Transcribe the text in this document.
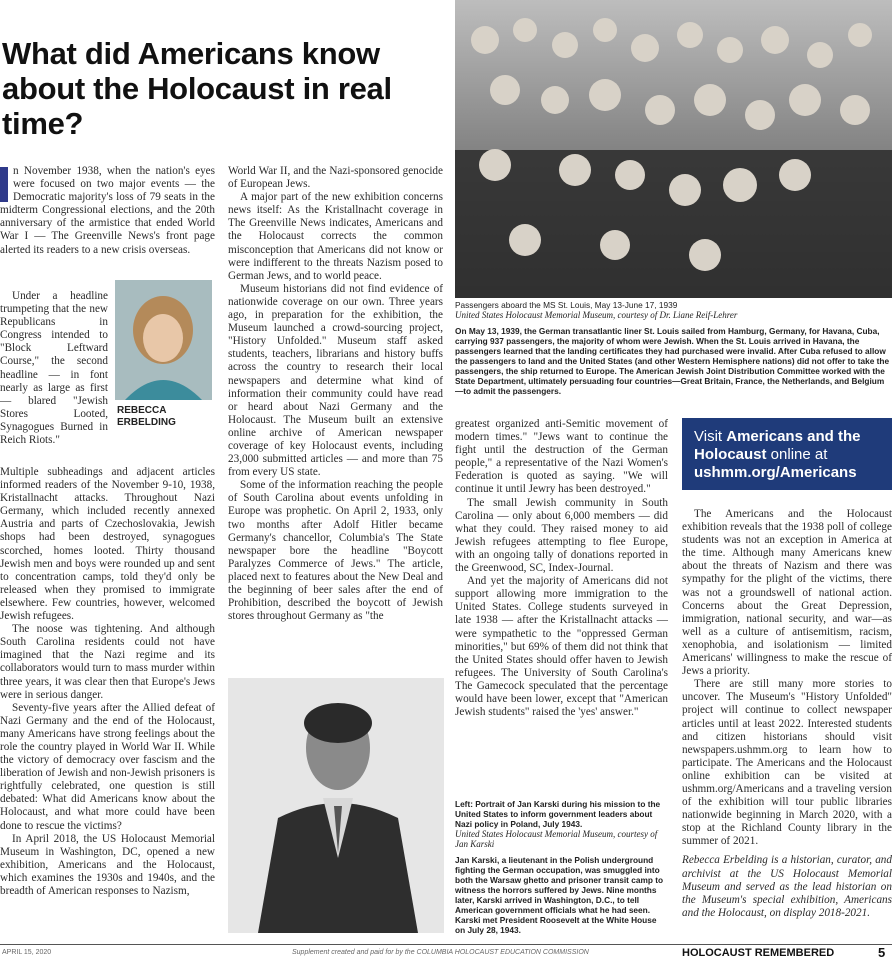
What did Americans know about the Holocaust in real time?
Passengers aboard the MS St. Louis, May 13-June 17, 1939
United States Holocaust Memorial Museum, courtesy of Dr. Liane Reif-Lehrer
On May 13, 1939, the German transatlantic liner St. Louis sailed from Hamburg, Germany, for Havana, Cuba, carrying 937 passengers, the majority of whom were Jewish. When the St. Louis arrived in Havana, the passengers learned that the landing certificates they had purchased were invalid. After Cuba refused to allow the passengers to land and the United States (and other Western Hemisphere nations) did not offer to take the passengers, the ship returned to Europe. The American Jewish Joint Distribution Committee worked with the State Department, ultimately persuading four countries—Great Britain, France, the Netherlands, and Belgium—to admit the passengers.

n November 1938, when the nation's eyes were focused on two major events — the Democratic majority's loss of 79 seats in the midterm Congressional elections, and the 20th anniversary of the armistice that ended World War I — The Greenville News's front page alerted its readers to a new crisis overseas.

Under a headline trumpeting that the new Republicans in Congress intended to "Block Leftward Course," the second headline — in font nearly as large as first — blared "Jewish Stores Looted, Synagogues Burned in Reich Riots."

REBECCA ERBELDING

Multiple subheadings and adjacent articles informed readers of the November 9-10, 1938, Kristallnacht attacks. Throughout Nazi Germany, which included recently annexed Austria and parts of Czechoslovakia, Jewish shops had been destroyed, synagogues scorched, homes looted. Thirty thousand Jewish men and boys were rounded up and sent to concentration camps, told they'd only be released when they promised to immigrate elsewhere. Few countries, however, welcomed Jewish refugees.

The noose was tightening. And although South Carolina residents could not have imagined that the Nazi regime and its collaborators would turn to mass murder within three years, it was clear then that Europe's Jews were in serious danger.

Seventy-five years after the Allied defeat of Nazi Germany and the end of the Holocaust, many Americans have strong feelings about the role the country played in World War II. While the victory of democracy over fascism and the liberation of Jewish and non-Jewish prisoners is rightfully celebrated, one question is still debated: What did Americans know about the Holocaust, and what more could have been done to rescue the victims?

In April 2018, the US Holocaust Memorial Museum in Washington, DC, opened a new exhibition, Americans and the Holocaust, which examines the 1930s and 1940s, and the breadth of American responses to Nazism,

World War II, and the Nazi-sponsored genocide of European Jews.

A major part of the new exhibition concerns news itself: As the Kristallnacht coverage in The Greenville News indicates, Americans and the Holocaust corrects the common misconception that Americans did not know or were indifferent to the threats Nazism posed to German Jews, and to world peace.

Museum historians did not find evidence of nationwide coverage on our own. Three years ago, in preparation for the exhibition, the Museum launched a crowd-sourcing project, "History Unfolded." Museum staff asked students, teachers, librarians and history buffs across the country to research their local newspapers and determine what kind of information their community could have read or heard about Nazi Germany and the Holocaust. The Museum built an extensive online archive of American newspaper coverage of key Holocaust events, including 23,000 submitted articles — and more than 75 from every US state.

Some of the information reaching the people of South Carolina about events unfolding in Europe was prophetic. On April 2, 1933, only two months after Adolf Hitler became Germany's chancellor, Columbia's The State newspaper bore the headline "Boycott Paralyzes Commerce of Jews." The article, placed next to features about the New Deal and the beginning of beer sales after the end of Prohibition, described the boycott of Jewish stores throughout Germany as "the

greatest organized anti-Semitic movement of modern times." "Jews want to continue the fight until the destruction of the German people," a representative of the Nazi Women's Federation is quoted as saying. "We will continue it until Jewry has been destroyed."

The small Jewish community in South Carolina — only about 6,000 members — did what they could. They raised money to aid Jewish refugees attempting to flee Europe, with an ongoing tally of donations reported in the Greenwood, SC, Index-Journal.

And yet the majority of Americans did not support allowing more immigration to the United States. College students surveyed in late 1938 — after the Kristallnacht attacks — were sympathetic to the "oppressed German minorities," but 69% of them did not think that the United States should offer haven to Jewish refugees. The University of South Carolina's The Gamecock speculated that the percentage would have been lower, except that "American Jewish students" raised the 'yes' answer."

Left: Portrait of Jan Karski during his mission to the United States to inform government leaders about Nazi policy in Poland, July 1943.
United States Holocaust Memorial Museum, courtesy of Jan Karski
Jan Karski, a lieutenant in the Polish underground fighting the German occupation, was smuggled into both the Warsaw ghetto and prisoner transit camp to witness the horrors suffered by Jews. Nine months later, Karski arrived in Washington, D.C., to tell American government officials what he had seen. Karski met President Roosevelt at the White House on July 28, 1943.
Visit Americans and the
Holocaust online at
ushmm.org/Americans

The Americans and the Holocaust exhibition reveals that the 1938 poll of college students was not an exception in America at the time. Although many Americans knew about the threats of Nazism and there was sympathy for the plight of the victims, there was not a groundswell of national action. Concerns about the Great Depression, immigration, national security, and war—as well as a culture of antisemitism, racism, xenophobia, and isolationism — limited Americans' willingness to make the rescue of Jews a priority.

There are still many more stories to uncover. The Museum's "History Unfolded" project will continue to collect newspaper articles until at least 2022. Interested students and citizen historians should visit newspapers.ushmm.org to learn how to participate. The Americans and the Holocaust online exhibition can be visited at ushmm.org/Americans and a traveling version of the exhibition will tour public libraries nationwide beginning in March 2020, with a stop at the Richland County library in the summer of 2021.

Rebecca Erbelding is a historian, curator, and archivist at the US Holocaust Memorial Museum and served as the lead historian on the Museum's special exhibition, Americans and the Holocaust, on display 2018-2021.

APRIL 15, 2020	Supplement created and paid for by the COLUMBIA HOLOCAUST EDUCATION COMMISSION	HOLOCAUST REMEMBERED	5
